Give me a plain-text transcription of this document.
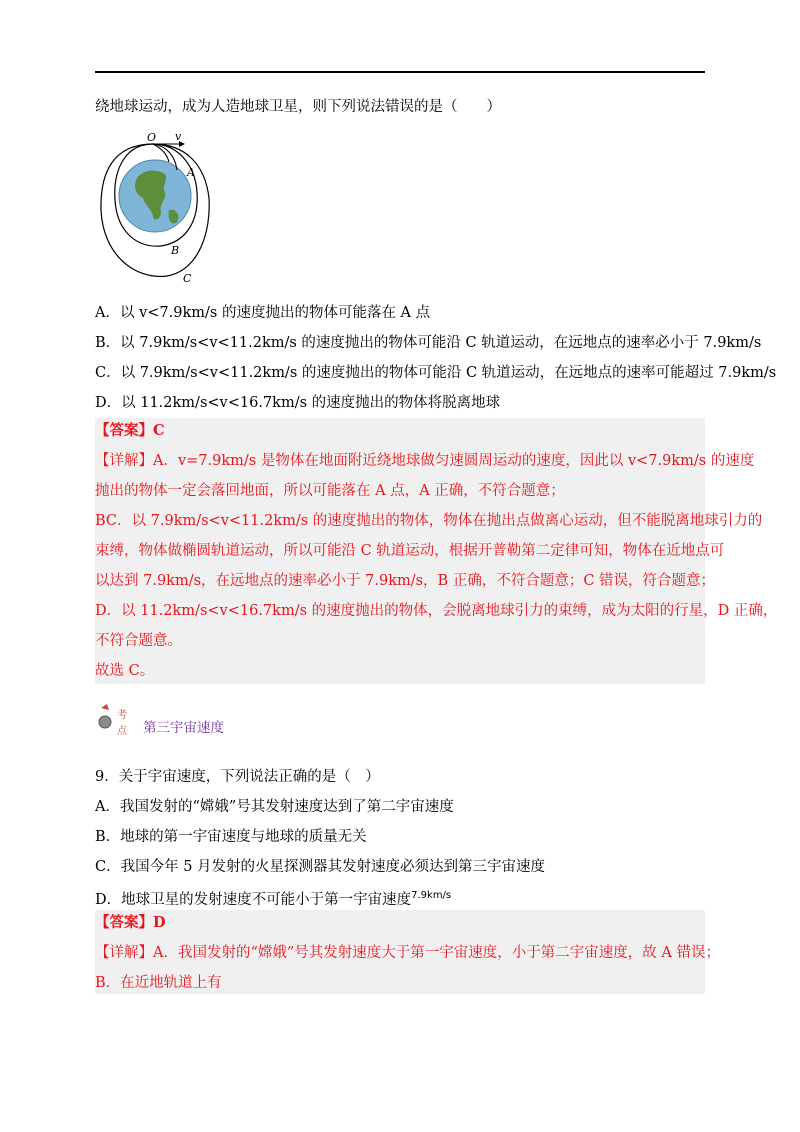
绕地球运动，成为人造地球卫星，则下列说法错误的是（　　）
O v
A
B
C
A．以 v<7.9km/s 的速度抛出的物体可能落在 A 点
B．以 7.9km/s<v<11.2km/s 的速度抛出的物体可能沿 C 轨道运动，在远地点的速率必小于 7.9km/s
C．以 7.9km/s<v<11.2km/s 的速度抛出的物体可能沿 C 轨道运动，在远地点的速率可能超过 7.9km/s
D．以 11.2km/s<v<16.7km/s 的速度抛出的物体将脱离地球
【答案】C
【详解】A．v=7.9km/s 是物体在地面附近绕地球做匀速圆周运动的速度，因此以 v<7.9km/s 的速度
抛出的物体一定会落回地面，所以可能落在 A 点，A 正确，不符合题意；
BC．以 7.9km/s<v<11.2km/s 的速度抛出的物体，物体在抛出点做离心运动，但不能脱离地球引力的
束缚，物体做椭圆轨道运动，所以可能沿 C 轨道运动，根据开普勒第二定律可知，物体在近地点可
以达到 7.9km/s，在远地点的速率必小于 7.9km/s，B 正确，不符合题意；C 错误，符合题意；
D．以 11.2km/s<v<16.7km/s 的速度抛出的物体，会脱离地球引力的束缚，成为太阳的行星，D 正确，
不符合题意。
故选 C。
考
点 第三宇宙速度
9．关于宇宙速度，下列说法正确的是（　）
A．我国发射的“嫦娥”号其发射速度达到了第二宇宙速度
B．地球的第一宇宙速度与地球的质量无关
C．我国今年 5 月发射的火星探测器其发射速度必须达到第三宇宙速度
D．地球卫星的发射速度不可能小于第一宇宙速度$^{7.9km/s}$
【答案】D
【详解】A．我国发射的“嫦娥”号其发射速度大于第一宇宙速度，小于第二宇宙速度，故 A 错误；
B．在近地轨道上有
